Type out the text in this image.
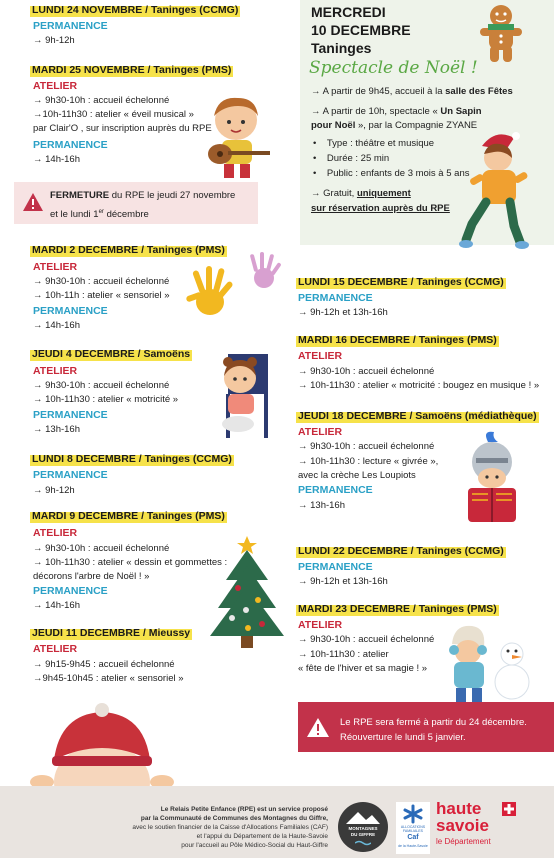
LUNDI 24 NOVEMBRE / Taninges (CCMG)
PERMANENCE
→ 9h-12h
MARDI 25 NOVEMBRE / Taninges (PMS)
ATELIER
→ 9h30-10h : accueil échelonné
→10h-11h30 : atelier « éveil musical »
par Clair'O , sur inscription auprès du RPE
PERMANENCE
→ 14h-16h
FERMETURE du RPE le jeudi 27 novembre
et le lundi 1er décembre
MARDI 2 DECEMBRE / Taninges (PMS)
ATELIER
→ 9h30-10h : accueil échelonné
→ 10h-11h : atelier « sensoriel »
PERMANENCE
→ 14h-16h
JEUDI 4 DECEMBRE / Samoëns
ATELIER
→ 9h30-10h : accueil échelonné
→ 10h-11h30 : atelier « motricité »
PERMANENCE
→ 13h-16h
LUNDI 8 DECEMBRE / Taninges (CCMG)
PERMANENCE
→ 9h-12h
MARDI 9 DECEMBRE / Taninges (PMS)
ATELIER
→ 9h30-10h : accueil échelonné
→ 10h-11h30 : atelier « dessin et gommettes :
décorons l'arbre de Noël ! »
PERMANENCE
→ 14h-16h
JEUDI 11 DECEMBRE / Mieussy
ATELIER
→ 9h15-9h45 : accueil échelonné
→9h45-10h45 : atelier « sensoriel »
MERCREDI
10 DECEMBRE
Taninges
Spectacle de Noël !
→ A partir de 9h45, accueil à la salle des Fêtes
→ A partir de 10h, spectacle « Un Sapin
pour Noël », par la Compagnie ZYANE
•    Type : théâtre et musique
•    Durée : 25 min
•    Public : enfants de 3 mois à 5 ans
→ Gratuit, uniquement
sur réservation auprès du RPE
LUNDI 15 DECEMBRE / Taninges (CCMG)
PERMANENCE
→ 9h-12h et 13h-16h
MARDI 16 DECEMBRE / Taninges (PMS)
ATELIER
→ 9h30-10h : accueil échelonné
→ 10h-11h30 : atelier « motricité : bougez en musique ! »
JEUDI 18 DECEMBRE / Samoëns (médiathèque)
ATELIER
→ 9h30-10h : accueil échelonné
→ 10h-11h30 : lecture « givrée »,
avec la crèche Les Loupiots
PERMANENCE
→ 13h-16h
LUNDI 22 DECEMBRE / Taninges (CCMG)
PERMANENCE
→ 9h-12h et 13h-16h
MARDI 23 DECEMBRE / Taninges (PMS)
ATELIER
→ 9h30-10h : accueil échelonné
→ 10h-11h30 : atelier
« fête de l'hiver et sa magie ! »
Le RPE sera fermé à partir du 24 décembre.
Réouverture le lundi 5 janvier.
Le Relais Petite Enfance (RPE) est un service proposé
par la Communauté de Communes des Montagnes du Giffre,
avec le soutien financier de la Caisse d'Allocations Familiales (CAF)
et l'appui du Département de la Haute-Savoie
pour l'accueil au Pôle Médico-Social du Haut-Giffre
MONTAGNES
DU GIFFRE
ALLOCATIONS
FAMILIALES
Caf
de la Haute-Savoie
haute
savoie
le Département
